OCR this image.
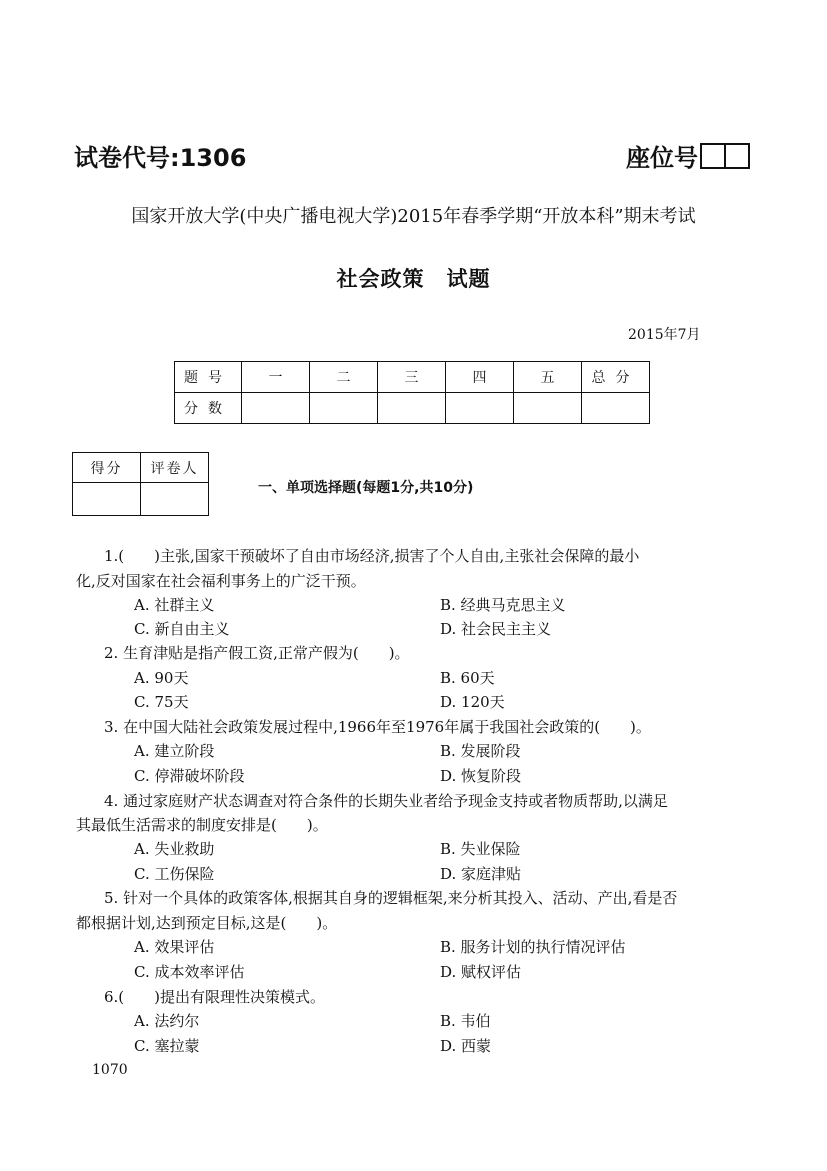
试卷代号:1306	座位号
国家开放大学(中央广播电视大学)2015年春季学期“开放本科”期末考试
社会政策　试题
2015年7月
题号	一	二	三	四	五	总分
分数						
得分	评卷人

一、单项选择题(每题1分,共10分)
1.(　　)主张,国家干预破坏了自由市场经济,损害了个人自由,主张社会保障的最小
化,反对国家在社会福利事务上的广泛干预。
A. 社群主义	B. 经典马克思主义
C. 新自由主义	D. 社会民主主义
2. 生育津贴是指产假工资,正常产假为(　　)。
A. 90天	B. 60天
C. 75天	D. 120天
3. 在中国大陆社会政策发展过程中,1966年至1976年属于我国社会政策的(　　)。
A. 建立阶段	B. 发展阶段
C. 停滞破坏阶段	D. 恢复阶段
4. 通过家庭财产状态调查对符合条件的长期失业者给予现金支持或者物质帮助,以满足
其最低生活需求的制度安排是(　　)。
A. 失业救助	B. 失业保险
C. 工伤保险	D. 家庭津贴
5. 针对一个具体的政策客体,根据其自身的逻辑框架,来分析其投入、活动、产出,看是否
都根据计划,达到预定目标,这是(　　)。
A. 效果评估	B. 服务计划的执行情况评估
C. 成本效率评估	D. 赋权评估
6.(　　)提出有限理性决策模式。
A. 法约尔	B. 韦伯
C. 塞拉蒙	D. 西蒙
1070
